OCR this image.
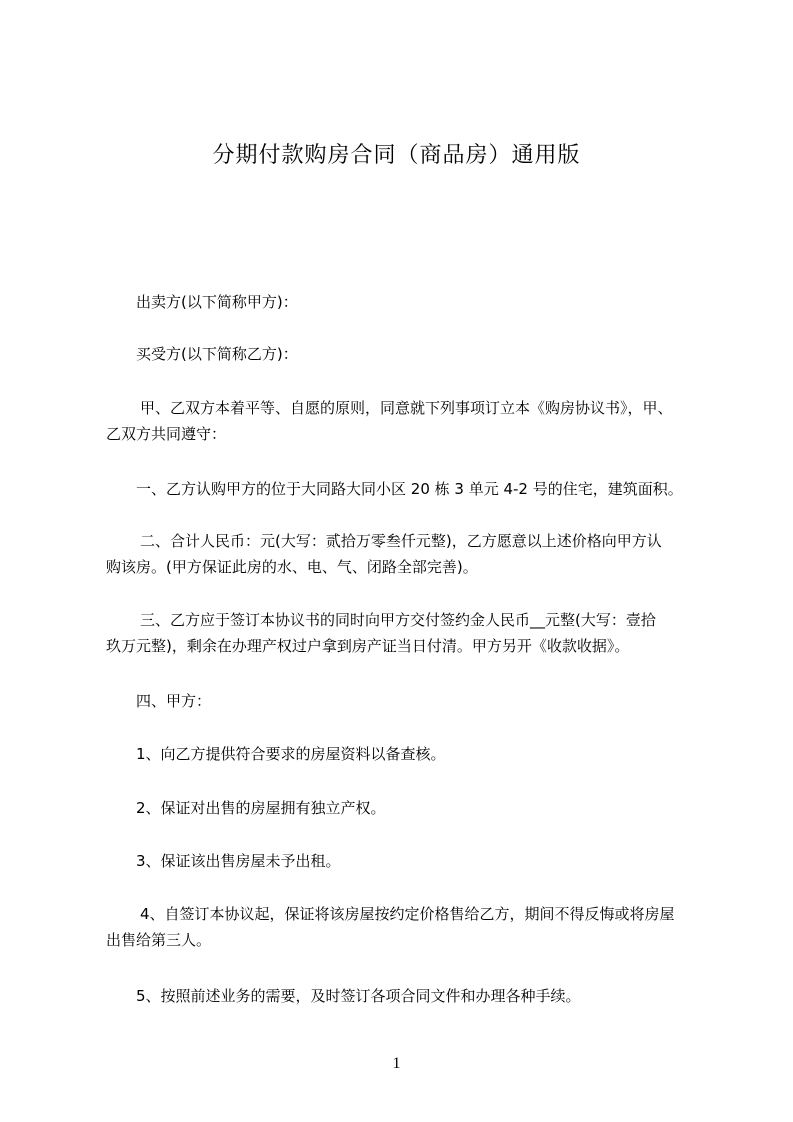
分期付款购房合同（商品房）通用版

出卖方(以下简称甲方)：

买受方(以下简称乙方)：

甲、乙双方本着平等、自愿的原则，同意就下列事项订立本《购房协议书》，甲、
乙双方共同遵守：

一、乙方认购甲方的位于大同路大同小区 20 栋 3 单元 4-2 号的住宅，建筑面积。

二、合计人民币：元(大写：贰拾万零叁仟元整)，乙方愿意以上述价格向甲方认
购该房。(甲方保证此房的水、电、气、闭路全部完善)。

三、乙方应于签订本协议书的同时向甲方交付签约金人民币__元整(大写：壹拾
玖万元整)，剩余在办理产权过户拿到房产证当日付清。甲方另开《收款收据》。

四、甲方：

1、向乙方提供符合要求的房屋资料以备查核。

2、保证对出售的房屋拥有独立产权。

3、保证该出售房屋未予出租。

4、自签订本协议起，保证将该房屋按约定价格售给乙方，期间不得反悔或将房屋
出售给第三人。

5、按照前述业务的需要，及时签订各项合同文件和办理各种手续。

1
